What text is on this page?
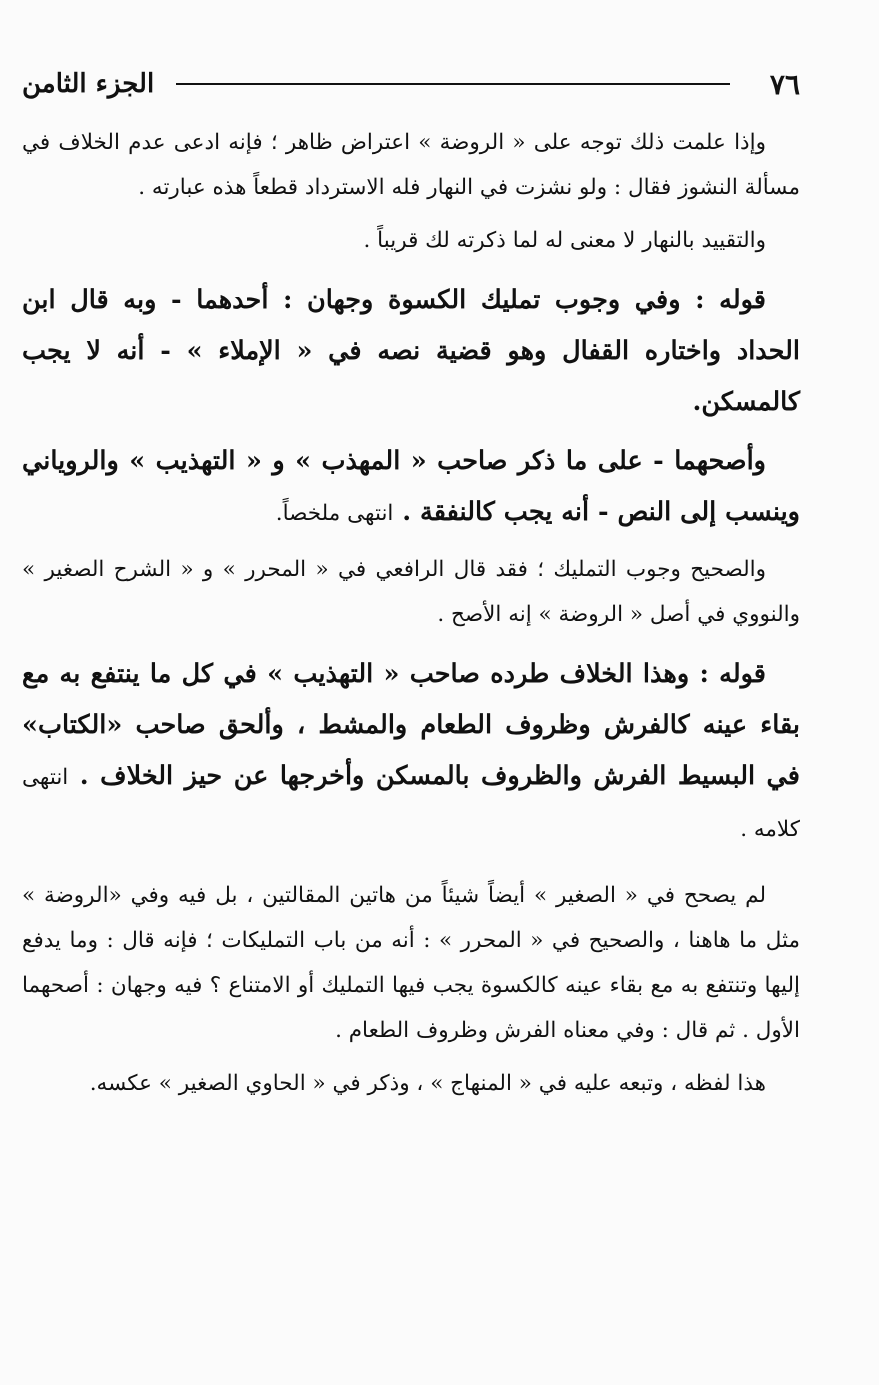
٧٦
الجزء الثامن

وإذا علمت ذلك توجه على « الروضة » اعتراض ظاهر ؛ فإنه ادعى عدم الخلاف في مسألة النشوز فقال : ولو نشزت في النهار فله الاسترداد قطعاً هذه عبارته .

والتقييد بالنهار لا معنى له لما ذكرته لك قريباً .

قوله : وفي وجوب تمليك الكسوة وجهان : أحدهما - وبه قال ابن الحداد واختاره القفال وهو قضية نصه في « الإملاء » - أنه لا يجب كالمسكن.

وأصحهما - على ما ذكر صاحب « المهذب » و « التهذيب » والروياني وينسب إلى النص - أنه يجب كالنفقة . انتهى ملخصاً.

والصحيح وجوب التمليك ؛ فقد قال الرافعي في « المحرر » و « الشرح الصغير » والنووي في أصل « الروضة » إنه الأصح .

قوله : وهذا الخلاف طرده صاحب « التهذيب » في كل ما ينتفع به مع بقاء عينه كالفرش وظروف الطعام والمشط ، وألحق صاحب «الكتاب» في البسيط الفرش والظروف بالمسكن وأخرجها عن حيز الخلاف . انتهى كلامه .

لم يصحح في « الصغير » أيضاً شيئاً من هاتين المقالتين ، بل فيه وفي «الروضة » مثل ما هاهنا ، والصحيح في « المحرر » : أنه من باب التمليكات ؛ فإنه قال : وما يدفع إليها وتنتفع به مع بقاء عينه كالكسوة يجب فيها التمليك أو الامتناع ؟ فيه وجهان : أصحهما الأول . ثم قال : وفي معناه الفرش وظروف الطعام .

هذا لفظه ، وتبعه عليه في « المنهاج » ، وذكر في « الحاوي الصغير » عكسه.
